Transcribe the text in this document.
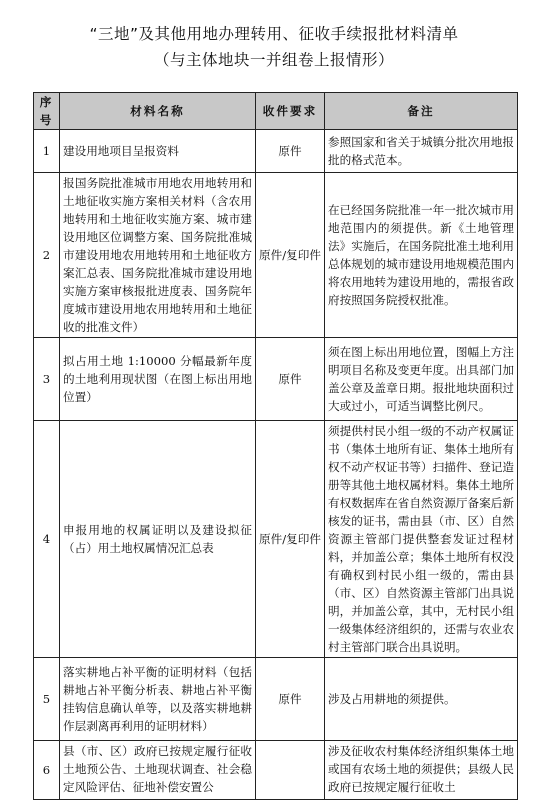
“三地”及其他用地办理转用、征收手续报批材料清单
（与主体地块一并组卷上报情形）
序号	材料名称	收件要求	备注
1	建设用地项目呈报资料	原件	参照国家和省关于城镇分批次用地报批的格式范本。
2	报国务院批准城市用地农用地转用和土地征收实施方案相关材料（含农用地转用和土地征收实施方案、城市建设用地区位调整方案、国务院批准城市建设用地农用地转用和土地征收方案汇总表、国务院批准城市建设用地实施方案审核报批进度表、国务院年度城市建设用地农用地转用和土地征收的批准文件）	原件/复印件	在已经国务院批准一年一批次城市用地范围内的须提供。新《土地管理法》实施后，在国务院批准土地利用总体规划的城市建设用地规模范围内将农用地转为建设用地的，需报省政府按照国务院授权批准。
3	拟占用土地 1:10000 分幅最新年度的土地利用现状图（在图上标出用地位置）	原件	须在图上标出用地位置，图幅上方注明项目名称及变更年度。出具部门加盖公章及盖章日期。报批地块面积过大或过小，可适当调整比例尺。
4	申报用地的权属证明以及建设拟征（占）用土地权属情况汇总表	原件/复印件	须提供村民小组一级的不动产权属证书（集体土地所有证、集体土地所有权不动产权证书等）扫描件、登记造册等其他土地权属材料。集体土地所有权数据库在省自然资源厅备案后新核发的证书，需由县（市、区）自然资源主管部门提供整套发证过程材料，并加盖公章；集体土地所有权没有确权到村民小组一级的，需由县（市、区）自然资源主管部门出具说明，并加盖公章，其中，无村民小组一级集体经济组织的，还需与农业农村主管部门联合出具说明。
5	落实耕地占补平衡的证明材料（包括耕地占补平衡分析表、耕地占补平衡挂钩信息确认单等，以及落实耕地耕作层剥离再利用的证明材料）	原件	涉及占用耕地的须提供。
6	县（市、区）政府已按规定履行征收土地预公告、土地现状调查、社会稳定风险评估、征地补偿安置公		涉及征收农村集体经济组织集体土地或国有农场土地的须提供；县级人民政府已按规定履行征收土
